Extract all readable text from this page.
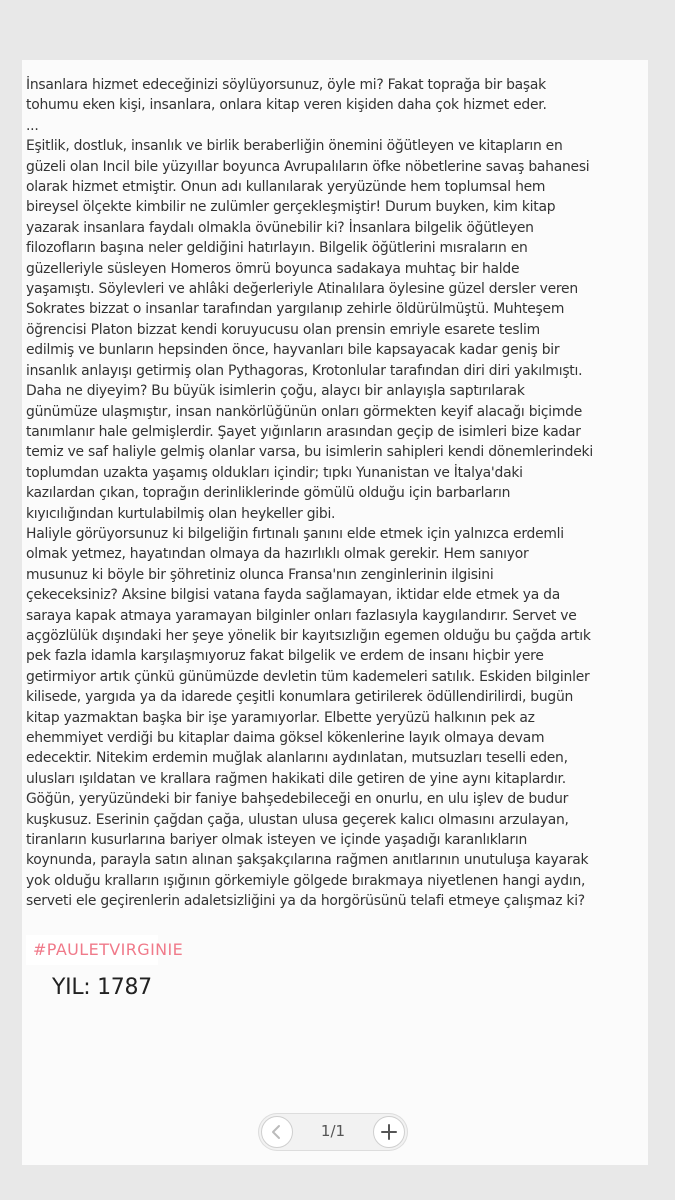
İnsanlara hizmet edeceğinizi söylüyorsunuz, öyle mi? Fakat toprağa bir başak
tohumu eken kişi, insanlara, onlara kitap veren kişiden daha çok hizmet eder.
...
Eşitlik, dostluk, insanlık ve birlik beraberliğin önemini öğütleyen ve kitapların en
güzeli olan Incil bile yüzyıllar boyunca Avrupalıların öfke nöbetlerine savaş bahanesi
olarak hizmet etmiştir. Onun adı kullanılarak yeryüzünde hem toplumsal hem
bireysel ölçekte kimbilir ne zulümler gerçekleşmiştir! Durum buyken, kim kitap
yazarak insanlara faydalı olmakla övünebilir ki? İnsanlara bilgelik öğütleyen
filozofların başına neler geldiğini hatırlayın. Bilgelik öğütlerini mısraların en
güzelleriyle süsleyen Homeros ömrü boyunca sadakaya muhtaç bir halde
yaşamıştı. Söylevleri ve ahlâki değerleriyle Atinalılara öylesine güzel dersler veren
Sokrates bizzat o insanlar tarafından yargılanıp zehirle öldürülmüştü. Muhteşem
öğrencisi Platon bizzat kendi koruyucusu olan prensin emriyle esarete teslim
edilmiş ve bunların hepsinden önce, hayvanları bile kapsayacak kadar geniş bir
insanlık anlayışı getirmiş olan Pythagoras, Krotonlular tarafından diri diri yakılmıştı.
Daha ne diyeyim? Bu büyük isimlerin çoğu, alaycı bir anlayışla saptırılarak
günümüze ulaşmıştır, insan nankörlüğünün onları görmekten keyif alacağı biçimde
tanımlanır hale gelmişlerdir. Şayet yığınların arasından geçip de isimleri bize kadar
temiz ve saf haliyle gelmiş olanlar varsa, bu isimlerin sahipleri kendi dönemlerindeki
toplumdan uzakta yaşamış oldukları içindir; tıpkı Yunanistan ve İtalya'daki
kazılardan çıkan, toprağın derinliklerinde gömülü olduğu için barbarların
kıyıcılığından kurtulabilmiş olan heykeller gibi.
Haliyle görüyorsunuz ki bilgeliğin fırtınalı şanını elde etmek için yalnızca erdemli
olmak yetmez, hayatından olmaya da hazırlıklı olmak gerekir. Hem sanıyor
musunuz ki böyle bir şöhretiniz olunca Fransa'nın zenginlerinin ilgisini
çekeceksiniz? Aksine bilgisi vatana fayda sağlamayan, iktidar elde etmek ya da
saraya kapak atmaya yaramayan bilginler onları fazlasıyla kaygılandırır. Servet ve
açgözlülük dışındaki her şeye yönelik bir kayıtsızlığın egemen olduğu bu çağda artık
pek fazla idamla karşılaşmıyoruz fakat bilgelik ve erdem de insanı hiçbir yere
getirmiyor artık çünkü günümüzde devletin tüm kademeleri satılık. Eskiden bilginler
kilisede, yargıda ya da idarede çeşitli konumlara getirilerek ödüllendirilirdi, bugün
kitap yazmaktan başka bir işe yaramıyorlar. Elbette yeryüzü halkının pek az
ehemmiyet verdiği bu kitaplar daima göksel kökenlerine layık olmaya devam
edecektir. Nitekim erdemin muğlak alanlarını aydınlatan, mutsuzları teselli eden,
ulusları ışıldatan ve krallara rağmen hakikati dile getiren de yine aynı kitaplardır.
Göğün, yeryüzündeki bir faniye bahşedebileceği en onurlu, en ulu işlev de budur
kuşkusuz. Eserinin çağdan çağa, ulustan ulusa geçerek kalıcı olmasını arzulayan,
tiranların kusurlarına bariyer olmak isteyen ve içinde yaşadığı karanlıkların
koynunda, parayla satın alınan şakşakçılarına rağmen anıtlarının unutuluşa kayarak
yok olduğu kralların ışığının görkemiyle gölgede bırakmaya niyetlenen hangi aydın,
serveti ele geçirenlerin adaletsizliğini ya da horgörüsünü telafi etmeye çalışmaz ki?
#PAULETVIRGINIE
YIL: 1787
1/1
